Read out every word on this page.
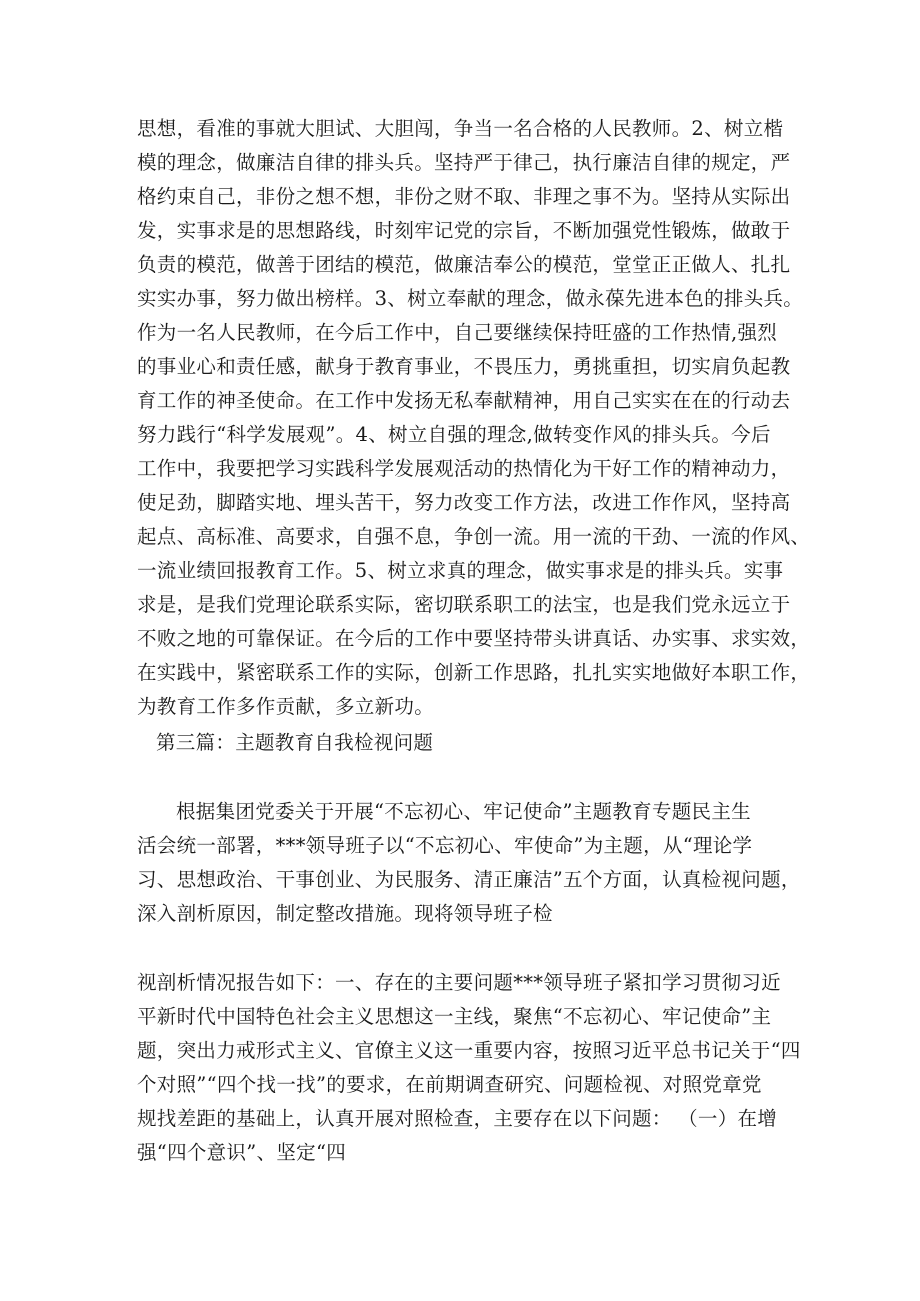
思想，看准的事就大胆试、大胆闯，争当一名合格的人民教师。2、树立楷
模的理念，做廉洁自律的排头兵。坚持严于律己，执行廉洁自律的规定，严
格约束自己，非份之想不想，非份之财不取、非理之事不为。坚持从实际出
发，实事求是的思想路线，时刻牢记党的宗旨，不断加强党性锻炼，做敢于
负责的模范，做善于团结的模范，做廉洁奉公的模范，堂堂正正做人、扎扎
实实办事，努力做出榜样。3、树立奉献的理念，做永葆先进本色的排头兵。
作为一名人民教师，在今后工作中，自己要继续保持旺盛的工作热情,强烈
的事业心和责任感，献身于教育事业，不畏压力，勇挑重担，切实肩负起教
育工作的神圣使命。在工作中发扬无私奉献精神，用自己实实在在的行动去
努力践行“科学发展观”。4、树立自强的理念,做转变作风的排头兵。今后
工作中，我要把学习实践科学发展观活动的热情化为干好工作的精神动力，
使足劲，脚踏实地、埋头苦干，努力改变工作方法，改进工作作风，坚持高
起点、高标准、高要求，自强不息，争创一流。用一流的干劲、一流的作风、
一流业绩回报教育工作。5、树立求真的理念，做实事求是的排头兵。实事
求是，是我们党理论联系实际，密切联系职工的法宝，也是我们党永远立于
不败之地的可靠保证。在今后的工作中要坚持带头讲真话、办实事、求实效，
在实践中，紧密联系工作的实际，创新工作思路，扎扎实实地做好本职工作，
为教育工作多作贡献，多立新功。
第三篇：主题教育自我检视问题
根据集团党委关于开展“不忘初心、牢记使命”主题教育专题民主生
活会统一部署，***领导班子以“不忘初心、牢使命”为主题，从“理论学
习、思想政治、干事创业、为民服务、清正廉洁”五个方面，认真检视问题，
深入剖析原因，制定整改措施。现将领导班子检
视剖析情况报告如下：一、存在的主要问题***领导班子紧扣学习贯彻习近
平新时代中国特色社会主义思想这一主线，聚焦“不忘初心、牢记使命”主
题，突出力戒形式主义、官僚主义这一重要内容，按照习近平总书记关于“四
个对照”“四个找一找”的要求，在前期调查研究、问题检视、对照党章党
规找差距的基础上，认真开展对照检查，主要存在以下问题： （一）在增
强“四个意识”、坚定“四
